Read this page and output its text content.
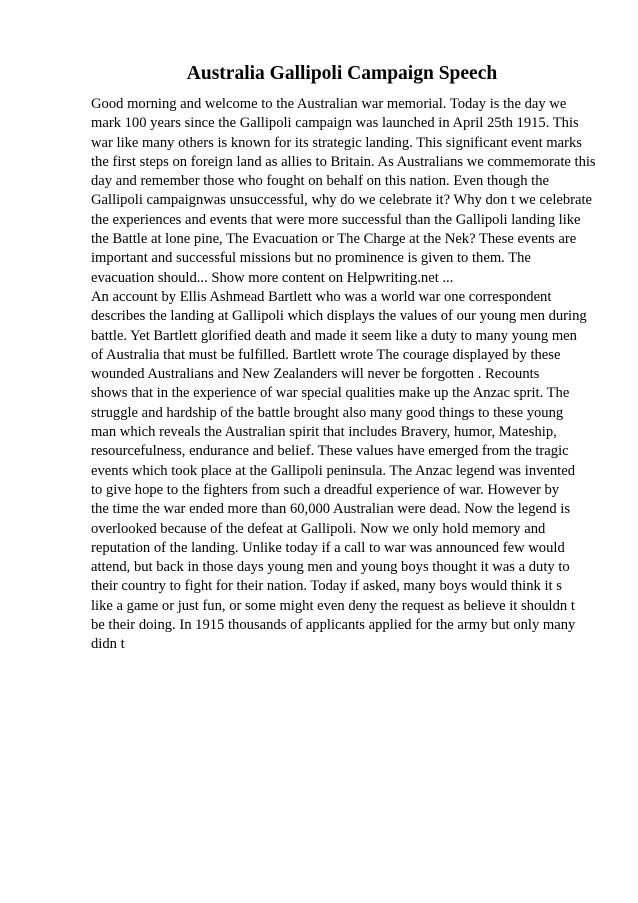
Australia Gallipoli Campaign Speech
Good morning and welcome to the Australian war memorial. Today is the day we
mark 100 years since the Gallipoli campaign was launched in April 25th 1915. This
war like many others is known for its strategic landing. This significant event marks
the first steps on foreign land as allies to Britain. As Australians we commemorate this
day and remember those who fought on behalf on this nation. Even though the
Gallipoli campaignwas unsuccessful, why do we celebrate it? Why don t we celebrate
the experiences and events that were more successful than the Gallipoli landing like
the Battle at lone pine, The Evacuation or The Charge at the Nek? These events are
important and successful missions but no prominence is given to them. The
evacuation should... Show more content on Helpwriting.net ...
An account by Ellis Ashmead Bartlett who was a world war one correspondent
describes the landing at Gallipoli which displays the values of our young men during
battle. Yet Bartlett glorified death and made it seem like a duty to many young men
of Australia that must be fulfilled. Bartlett wrote The courage displayed by these
wounded Australians and New Zealanders will never be forgotten . Recounts
shows that in the experience of war special qualities make up the Anzac sprit. The
struggle and hardship of the battle brought also many good things to these young
man which reveals the Australian spirit that includes Bravery, humor, Mateship,
resourcefulness, endurance and belief. These values have emerged from the tragic
events which took place at the Gallipoli peninsula. The Anzac legend was invented
to give hope to the fighters from such a dreadful experience of war. However by
the time the war ended more than 60,000 Australian were dead. Now the legend is
overlooked because of the defeat at Gallipoli. Now we only hold memory and
reputation of the landing. Unlike today if a call to war was announced few would
attend, but back in those days young men and young boys thought it was a duty to
their country to fight for their nation. Today if asked, many boys would think it s
like a game or just fun, or some might even deny the request as believe it shouldn t
be their doing. In 1915 thousands of applicants applied for the army but only many
didn t
